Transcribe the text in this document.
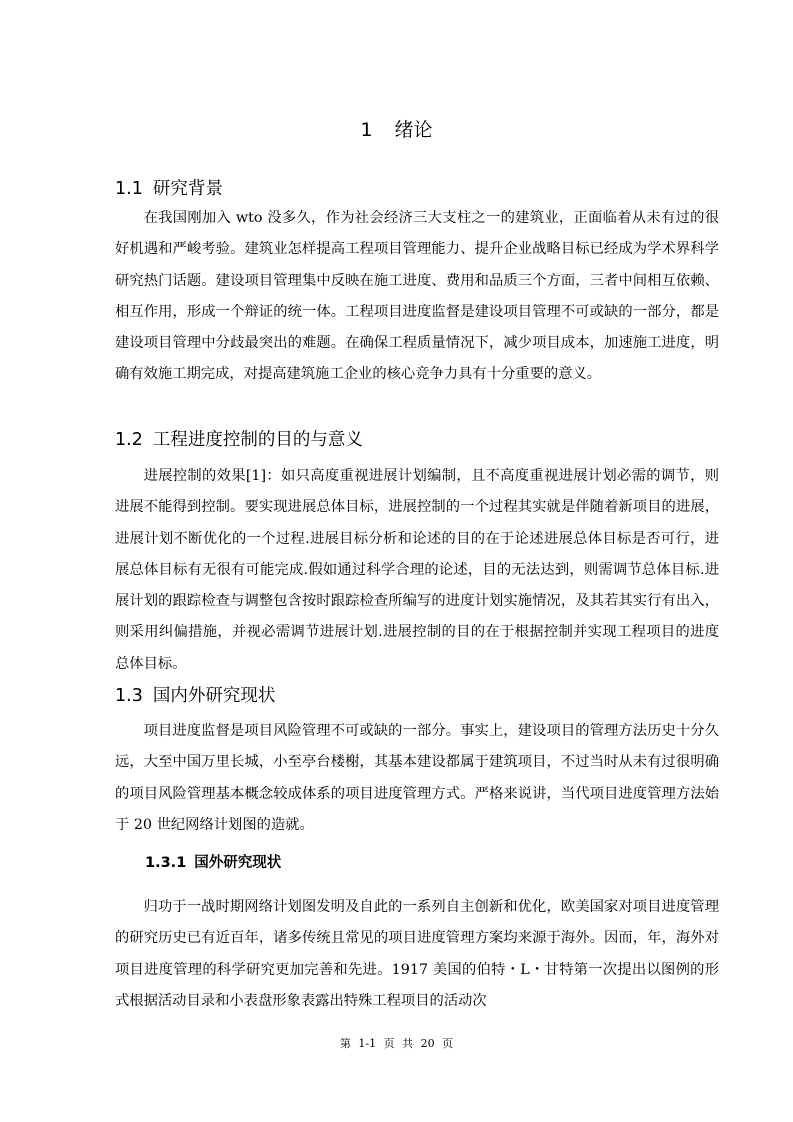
1 绪论
1.1 研究背景

在我国刚加入 wto 没多久，作为社会经济三大支柱之一的建筑业，正面临着从未有过的很好机遇和严峻考验。建筑业怎样提高工程项目管理能力、提升企业战略目标已经成为学术界科学研究热门话题。建设项目管理集中反映在施工进度、费用和品质三个方面，三者中间相互依赖、相互作用，形成一个辩证的统一体。工程项目进度监督是建设项目管理不可或缺的一部分，都是建设项目管理中分歧最突出的难题。在确保工程质量情况下，减少项目成本，加速施工进度，明确有效施工期完成，对提高建筑施工企业的核心竞争力具有十分重要的意义。

1.2 工程进度控制的目的与意义

进展控制的效果[1]：如只高度重视进展计划编制，且不高度重视进展计划必需的调节，则进展不能得到控制。要实现进展总体目标，进展控制的一个过程其实就是伴随着新项目的进展，进展计划不断优化的一个过程.进展目标分析和论述的目的在于论述进展总体目标是否可行，进展总体目标有无很有可能完成.假如通过科学合理的论述，目的无法达到，则需调节总体目标.进展计划的跟踪检查与调整包含按时跟踪检查所编写的进度计划实施情况，及其若其实行有出入，则采用纠偏措施，并视必需调节进展计划.进展控制的目的在于根据控制并实现工程项目的进度总体目标。

1.3 国内外研究现状

项目进度监督是项目风险管理不可或缺的一部分。事实上，建设项目的管理方法历史十分久远，大至中国万里长城，小至亭台楼榭，其基本建设都属于建筑项目，不过当时从未有过很明确的项目风险管理基本概念较成体系的项目进度管理方式。严格来说讲，当代项目进度管理方法始于 20 世纪网络计划图的造就。

1.3.1 国外研究现状

归功于一战时期网络计划图发明及自此的一系列自主创新和优化，欧美国家对项目进度管理的研究历史已有近百年，诸多传统且常见的项目进度管理方案均来源于海外。因而，年，海外对项目进度管理的科学研究更加完善和先进。1917 美国的伯特・L・甘特第一次提出以图例的形式根据活动目录和小表盘形象表露出特殊工程项目的活动次

第 1-1 页 共 20 页
